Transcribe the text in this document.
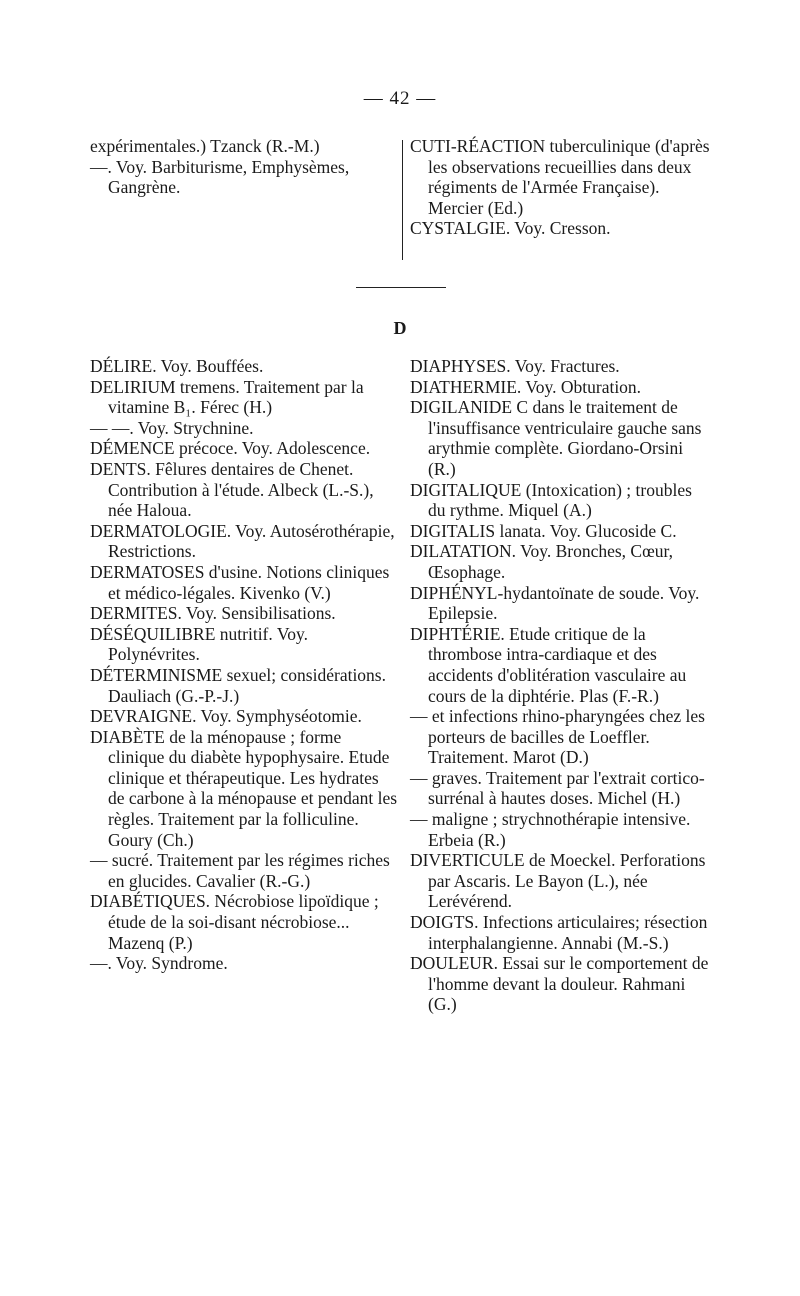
— 42 —

expérimentales.) Tzanck (R.-M.)

—. Voy. Barbiturisme, Emphysèmes, Gangrène.

CUTI-RÉACTION tuberculinique (d'après les observations recueillies dans deux régiments de l'Armée Française). Mercier (Ed.)

CYSTALGIE. Voy. Cresson.

D

DÉLIRE. Voy. Bouffées.

DELIRIUM tremens. Traitement par la vitamine B₁. Férec (H.)

— —. Voy. Strychnine.

DÉMENCE précoce. Voy. Adolescence.

DENTS. Fêlures dentaires de Chenet. Contribution à l'étude. Albeck (L.-S.), née Haloua.

DERMATOLOGIE. Voy. Autosérothérapie, Restrictions.

DERMATOSES d'usine. Notions cliniques et médico-légales. Kivenko (V.)

DERMITES. Voy. Sensibilisations.

DÉSÉQUILIBRE nutritif. Voy. Polynévrites.

DÉTERMINISME sexuel; considérations. Dauliach (G.-P.-J.)

DEVRAIGNE. Voy. Symphyséotomie.

DIABÈTE de la ménopause ; forme clinique du diabète hypophysaire. Etude clinique et thérapeutique. Les hydrates de carbone à la ménopause et pendant les règles. Traitement par la folliculine. Goury (Ch.)

— sucré. Traitement par les régimes riches en glucides. Cavalier (R.-G.)

DIABÉTIQUES. Nécrobiose lipoïdique ; étude de la soi-disant nécrobiose... Mazenq (P.)

—. Voy. Syndrome.

DIAPHYSES. Voy. Fractures.

DIATHERMIE. Voy. Obturation.

DIGILANIDE C dans le traitement de l'insuffisance ventriculaire gauche sans arythmie complète. Giordano-Orsini (R.)

DIGITALIQUE (Intoxication) ; troubles du rythme. Miquel (A.)

DIGITALIS lanata. Voy. Glucoside C.

DILATATION. Voy. Bronches, Cœur, Œsophage.

DIPHÉNYL-hydantoïnate de soude. Voy. Epilepsie.

DIPHTÉRIE. Etude critique de la thrombose intra-cardiaque et des accidents d'oblitération vasculaire au cours de la diphtérie. Plas (F.-R.)

— et infections rhino-pharyngées chez les porteurs de bacilles de Loeffler. Traitement. Marot (D.)

— graves. Traitement par l'extrait cortico-surrénal à hautes doses. Michel (H.)

— maligne ; strychnothérapie intensive. Erbeia (R.)

DIVERTICULE de Moeckel. Perforations par Ascaris. Le Bayon (L.), née Lerévérend.

DOIGTS. Infections articulaires; résection interphalangienne. Annabi (M.-S.)

DOULEUR. Essai sur le comportement de l'homme devant la douleur. Rahmani (G.)
